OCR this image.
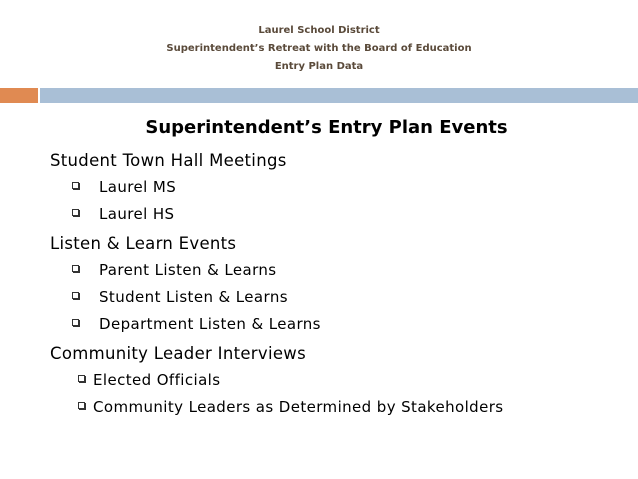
Laurel School District
Superintendent’s Retreat with the Board of Education
Entry Plan Data
Superintendent’s Entry Plan Events
Student Town Hall Meetings
Laurel MS
Laurel HS
Listen & Learn Events
Parent Listen & Learns
Student Listen & Learns
Department Listen & Learns
Community Leader Interviews
Elected Officials
Community Leaders as Determined by Stakeholders
